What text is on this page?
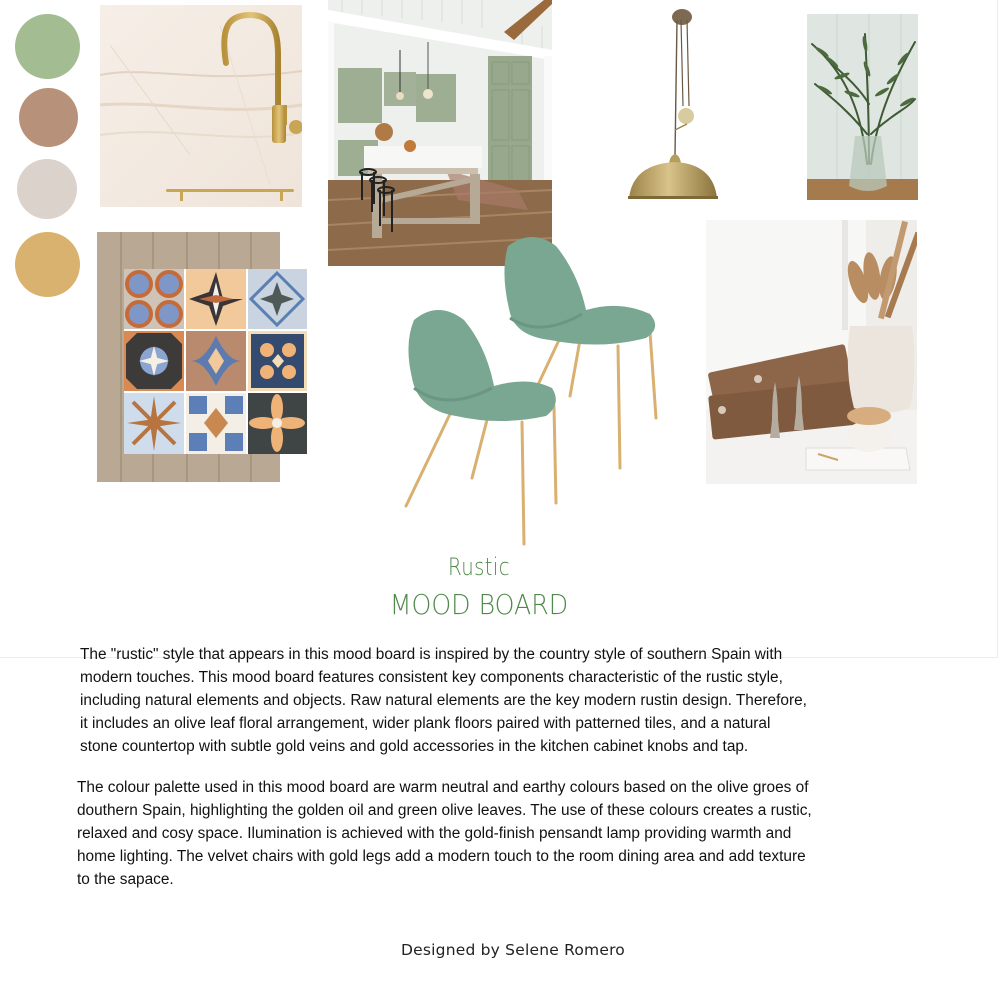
Rustic
MOOD BOARD

The "rustic" style that appears in this mood board is inspired by the country style of southern Spain with
modern touches. This mood board features consistent key components characteristic of the rustic style,
including natural elements and objects. Raw natural elements are the key modern rustin design. Therefore,
it includes an olive leaf floral arrangement, wider plank floors paired with patterned tiles, and a natural
stone countertop with subtle gold veins and gold accessories in the kitchen cabinet knobs and tap.

The colour palette used in this mood board are warm neutral and earthy colours based on the olive groes of
douthern Spain, highlighting the golden oil and green olive leaves. The use of these colours creates a rustic,
relaxed and cosy space. Ilumination is achieved with the gold-finish pensandt lamp providing warmth and
home lighting. The velvet chairs with gold legs add a modern touch to the room dining area and add texture
to the sapace.

Designed by Selene Romero
